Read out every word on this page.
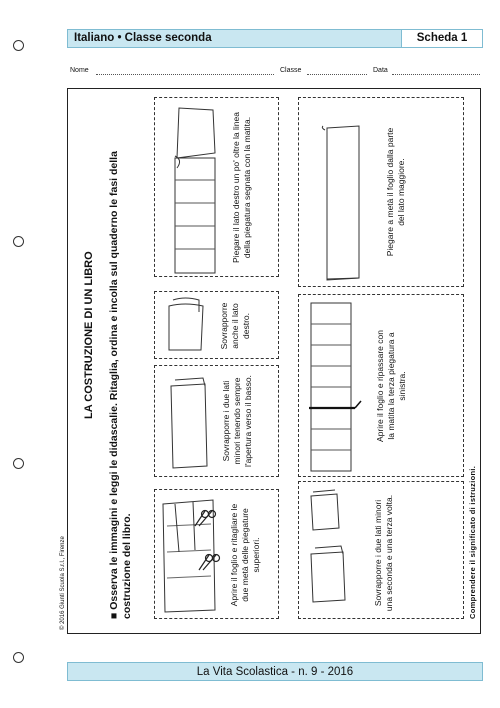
Italiano • Classe seconda	Scheda 1
Nome	Classe	Data
LA COSTRUZIONE DI UN LIBRO
■ Osserva le immagini e leggi le didascalie. Ritaglia, ordina e incolla sul quaderno le fasi della costruzione del libro.
Piegare il lato destro un po' oltre la linea della piegatura segnata con la matita.	Piegare a metà il foglio dalla parte del lato maggiore.
Sovrapporre anche il lato destro.
Sovrapporre i due lati minori tenendo sempre l'apertura verso il basso.	Aprire il foglio e ripassare con la matita la terza piegatura a sinistra.
Aprire il foglio e ritagliare le due metà delle piegature superiori.	Sovrapporre i due lati minori una seconda e una terza volta.	Comprendere il significato di istruzioni.
© 2016 Giunti Scuola S.r.l., Firenze
La Vita Scolastica - n. 9 - 2016
